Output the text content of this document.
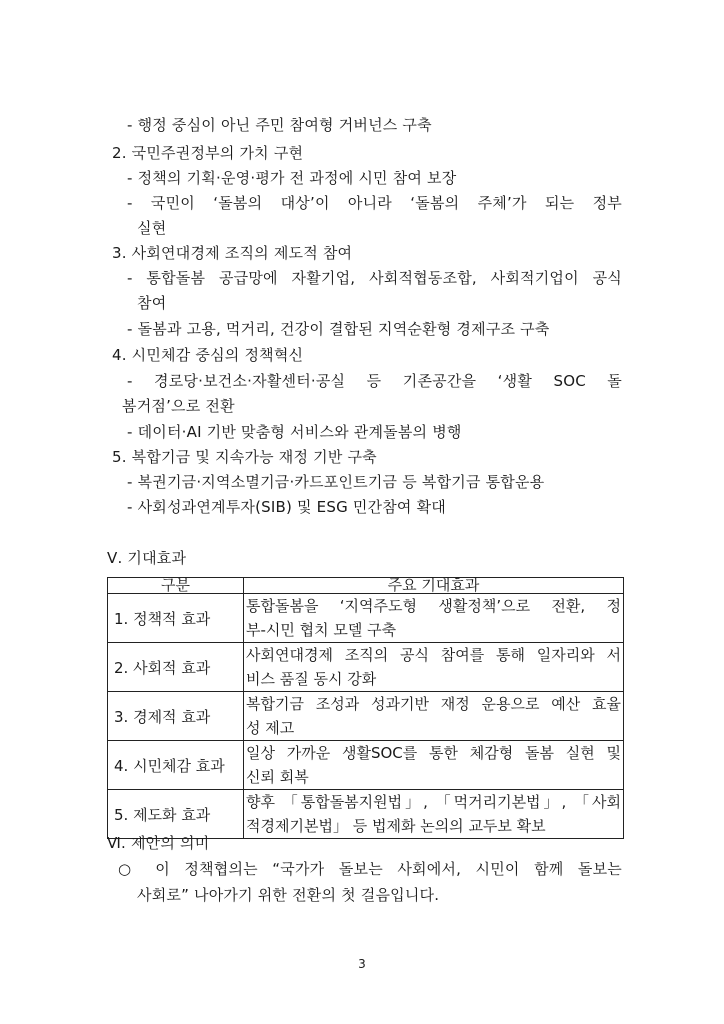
- 행정 중심이 아닌 주민 참여형 거버넌스 구축
2. 국민주권정부의 가치 구현
- 정책의 기획·운영·평가 전 과정에 시민 참여 보장
- 국민이 ‘돌봄의 대상’이 아니라 ‘돌봄의 주체’가 되는 정부
실현
3. 사회연대경제 조직의 제도적 참여
- 통합돌봄 공급망에 자활기업, 사회적협동조합, 사회적기업이 공식
참여
- 돌봄과 고용, 먹거리, 건강이 결합된 지역순환형 경제구조 구축
4. 시민체감 중심의 정책혁신
- 경로당·보건소·자활센터·공실 등 기존공간을 ‘생활 SOC 돌
봄거점’으로 전환
- 데이터·AI 기반 맞춤형 서비스와 관계돌봄의 병행
5. 복합기금 및 지속가능 재정 기반 구축
- 복권기금·지역소멸기금·카드포인트기금 등 복합기금 통합운용
- 사회성과연계투자(SIB) 및 ESG 민간참여 확대
Ⅴ. 기대효과
구분	주요 기대효과
1. 정책적 효과	통합돌봄을 ‘지역주도형 생활정책’으로 전환, 정
부-시민 협치 모델 구축

2. 사회적 효과	사회연대경제 조직의 공식 참여를 통해 일자리와 서
비스 품질 동시 강화

3. 경제적 효과	복합기금 조성과 성과기반 재정 운용으로 예산 효율
성 제고

4. 시민체감 효과	일상 가까운 생활SOC를 통한 체감형 돌봄 실현 및
신뢰 회복

5. 제도화 효과	향후 「통합돌봄지원법」, 「먹거리기본법」, 「사회
적경제기본법」 등 법제화 논의의 교두보 확보
Ⅵ. 제안의 의미
○ 이 정책협의는 “국가가 돌보는 사회에서, 시민이 함께 돌보는
사회로” 나아가기 위한 전환의 첫 걸음입니다.
3
